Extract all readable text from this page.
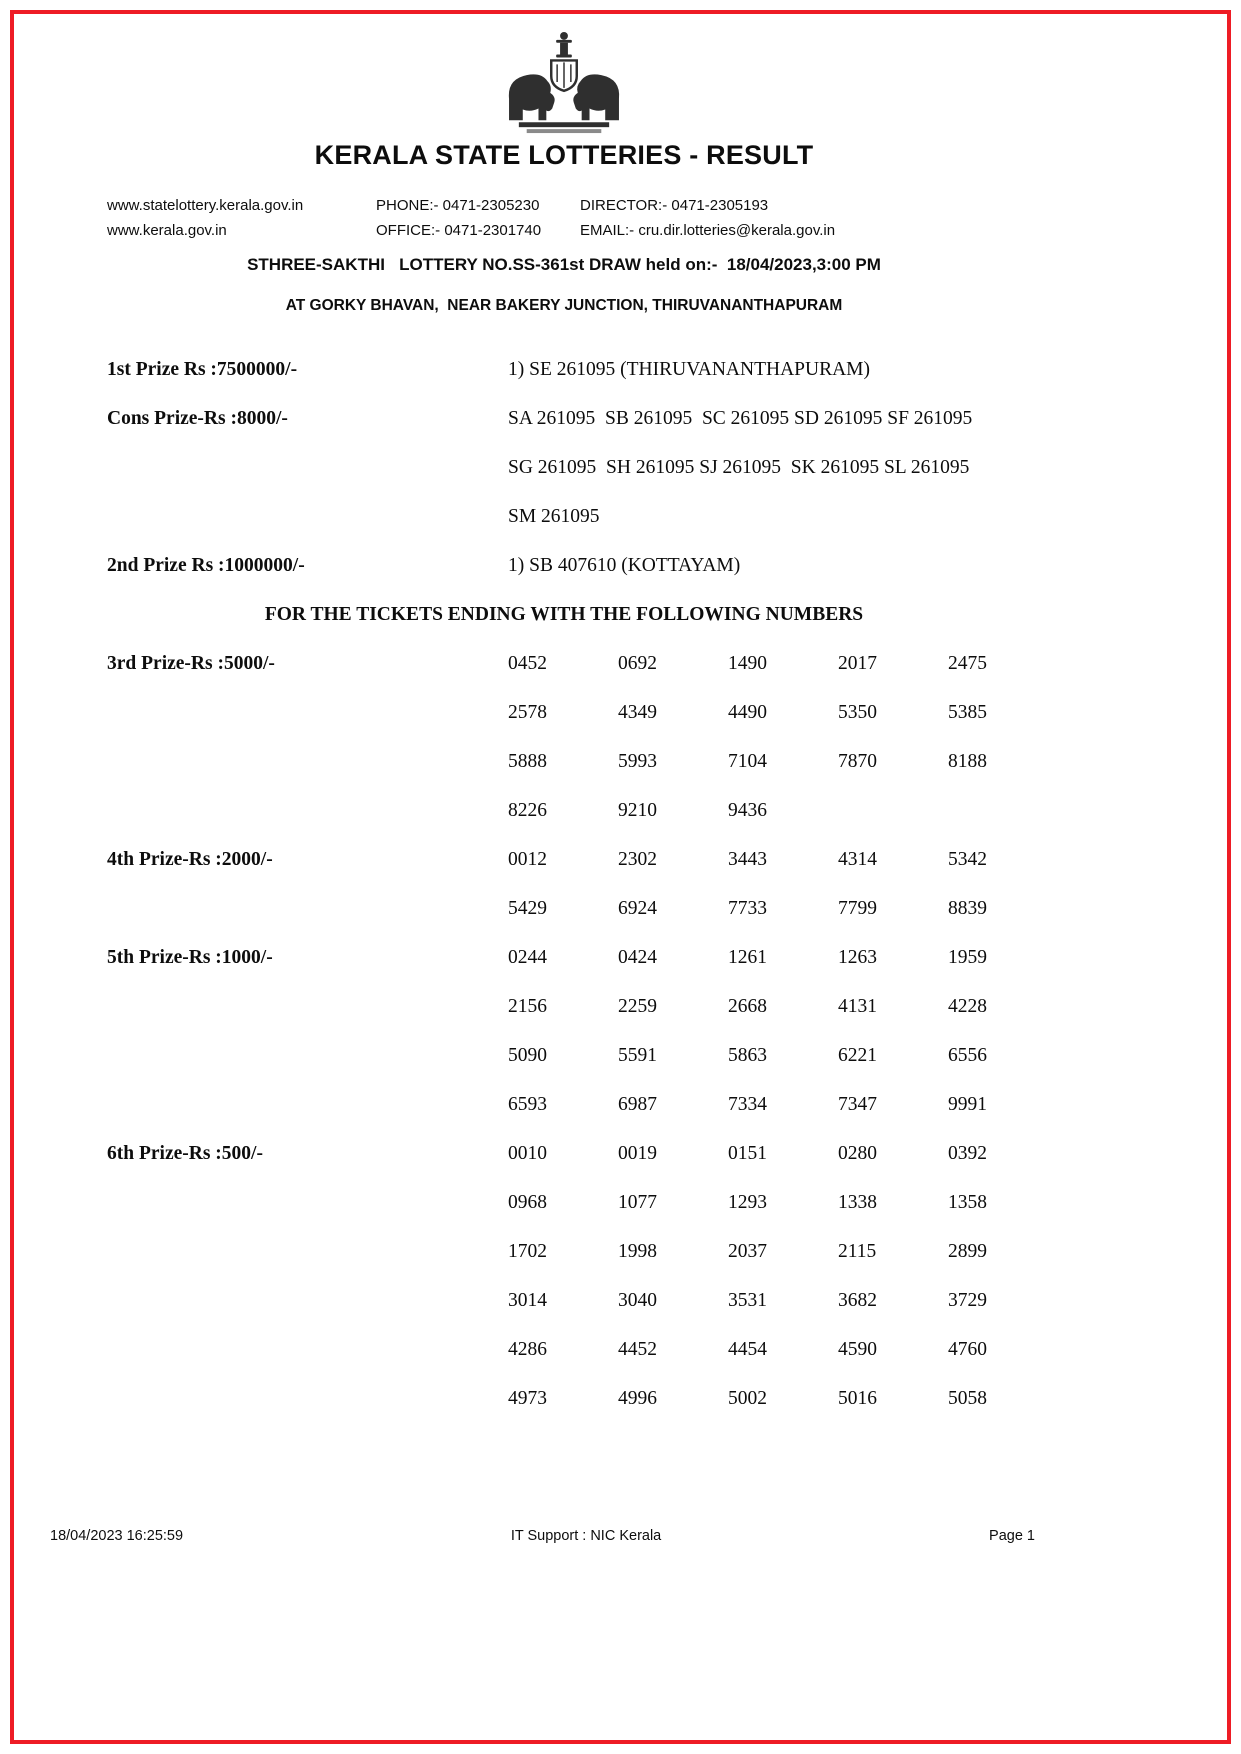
KERALA STATE LOTTERIES - RESULT
www.statelottery.kerala.gov.in	PHONE:- 0471-2305230	DIRECTOR:- 0471-2305193
www.kerala.gov.in	OFFICE:- 0471-2301740	EMAIL:- cru.dir.lotteries@kerala.gov.in
STHREE-SAKTHI   LOTTERY NO.SS-361st DRAW held on:-  18/04/2023,3:00 PM
AT GORKY BHAVAN,  NEAR BAKERY JUNCTION, THIRUVANANTHAPURAM
1st Prize Rs :7500000/-	1) SE 261095 (THIRUVANANTHAPURAM)
Cons Prize-Rs :8000/-	SA 261095  SB 261095  SC 261095 SD 261095 SF 261095
SG 261095  SH 261095 SJ 261095  SK 261095 SL 261095
SM 261095
2nd Prize Rs :1000000/-	1) SB 407610 (KOTTAYAM)
FOR THE TICKETS ENDING WITH THE FOLLOWING NUMBERS
3rd Prize-Rs :5000/-	0452	0692	1490	2017	2475
2578	4349	4490	5350	5385
5888	5993	7104	7870	8188
8226	9210	9436
4th Prize-Rs :2000/-	0012	2302	3443	4314	5342
5429	6924	7733	7799	8839
5th Prize-Rs :1000/-	0244	0424	1261	1263	1959
2156	2259	2668	4131	4228
5090	5591	5863	6221	6556
6593	6987	7334	7347	9991
6th Prize-Rs :500/-	0010	0019	0151	0280	0392
0968	1077	1293	1338	1358
1702	1998	2037	2115	2899
3014	3040	3531	3682	3729
4286	4452	4454	4590	4760
4973	4996	5002	5016	5058
18/04/2023 16:25:59	IT Support : NIC Kerala	Page 1
